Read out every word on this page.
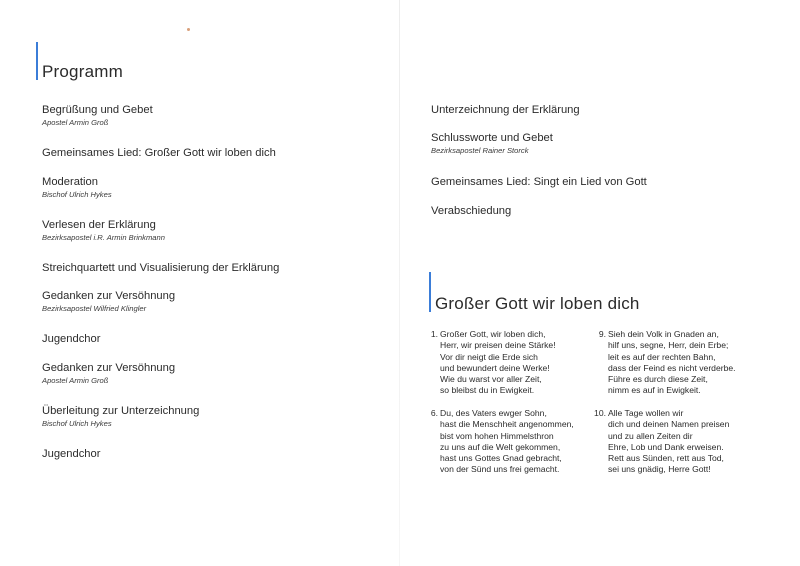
Programm
Begrüßung und Gebet
Apostel Armin Groß
Gemeinsames Lied: Großer Gott wir loben dich
Moderation
Bischof Ulrich Hykes
Verlesen der Erklärung
Bezirksapostel i.R. Armin Brinkmann
Streichquartett und Visualisierung der Erklärung
Gedanken zur Versöhnung
Bezirksapostel Wilfried Klingler
Jugendchor
Gedanken zur Versöhnung
Apostel Armin Groß
Überleitung zur Unterzeichnung
Bischof Ulrich Hykes
Jugendchor
Unterzeichnung der Erklärung
Schlussworte und Gebet
Bezirksapostel Rainer Storck
Gemeinsames Lied: Singt ein Lied von Gott
Verabschiedung
Großer Gott wir loben dich
1. Großer Gott, wir loben dich,
Herr, wir preisen deine Stärke!
Vor dir neigt die Erde sich
und bewundert deine Werke!
Wie du warst vor aller Zeit,
so bleibst du in Ewigkeit.
6. Du, des Vaters ewger Sohn,
hast die Menschheit angenommen,
bist vom hohen Himmelsthron
zu uns auf die Welt gekommen,
hast uns Gottes Gnad gebracht,
von der Sünd uns frei gemacht.
9. Sieh dein Volk in Gnaden an,
hilf uns, segne, Herr, dein Erbe;
leit es auf der rechten Bahn,
dass der Feind es nicht verderbe.
Führe es durch diese Zeit,
nimm es auf in Ewigkeit.
10. Alle Tage wollen wir
dich und deinen Namen preisen
und zu allen Zeiten dir
Ehre, Lob und Dank erweisen.
Rett aus Sünden, rett aus Tod,
sei uns gnädig, Herre Gott!
